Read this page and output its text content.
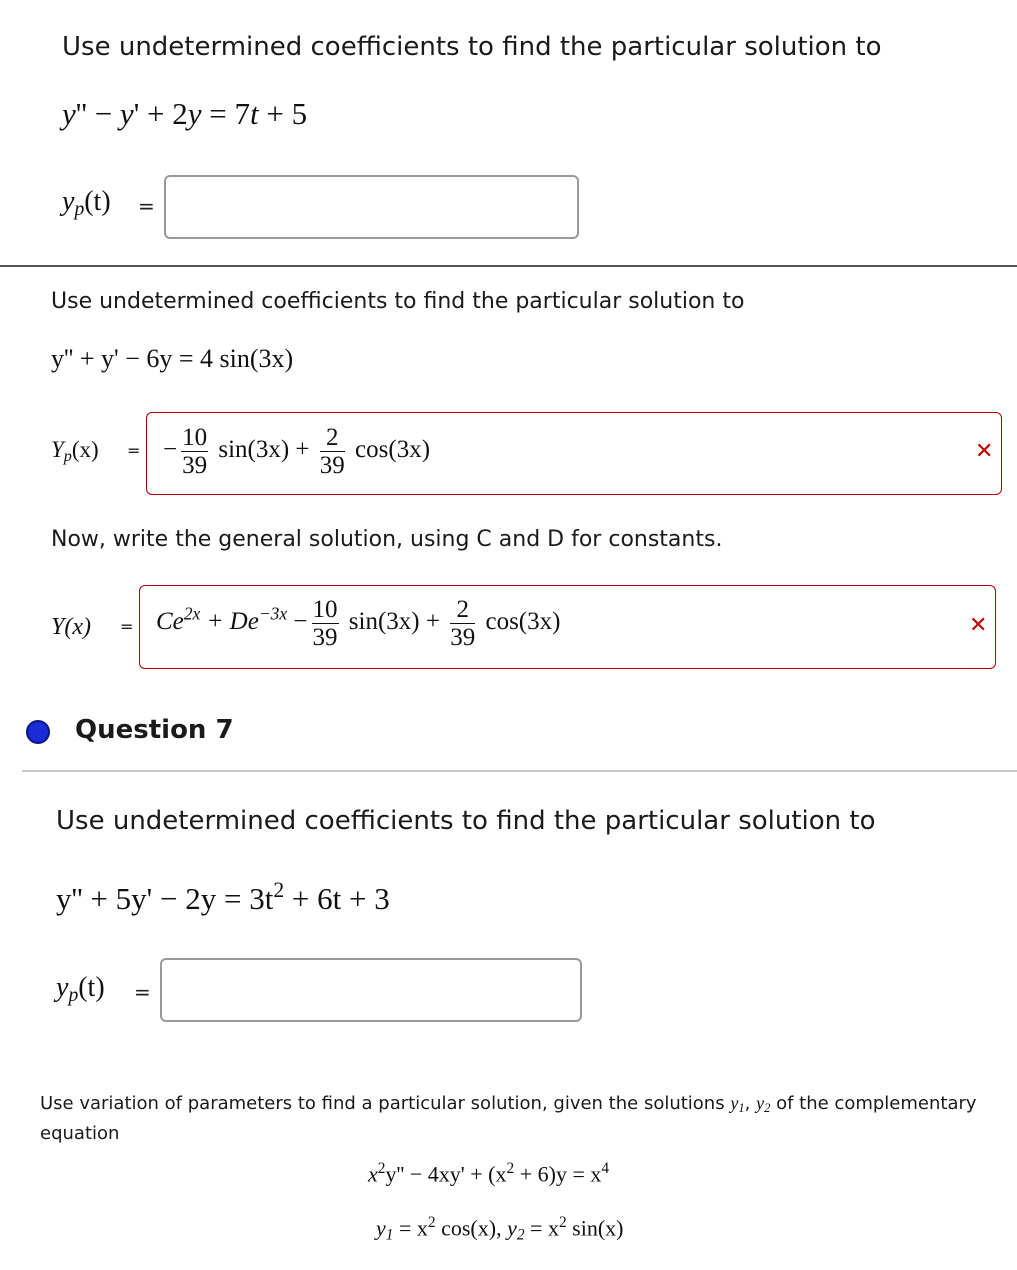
Use undetermined coefficients to find the particular solution to
y'' − y' + 2y = 7t + 5
$y_p(t)$ =
Use undetermined coefficients to find the particular solution to
y'' + y' − 6y = 4 sin(3x)
$Y_p(x)$ = − $\frac{10}{39} \sin(3x) + \frac{2}{39} \cos(3x)$	✕
Now, write the general solution, using C and D for constants.
$Y(x) = Ce^{2x} + De^{-3x} - \frac{10}{39} \sin(3x) + \frac{2}{39} \cos(3x)$	✕
Question 7
Use undetermined coefficients to find the particular solution to
$y'' + 5y' - 2y = 3t^2 + 6t + 3$
$y_p(t)$ =
Use variation of parameters to find a particular solution, given the solutions $y_1$, $y_2$ of the complementary
equation
$x^2y'' - 4xy' + (x^2 + 6)y = x^4$
$y_1 = x^2$ cos(x), $y_2 = x^2$ sin(x)
